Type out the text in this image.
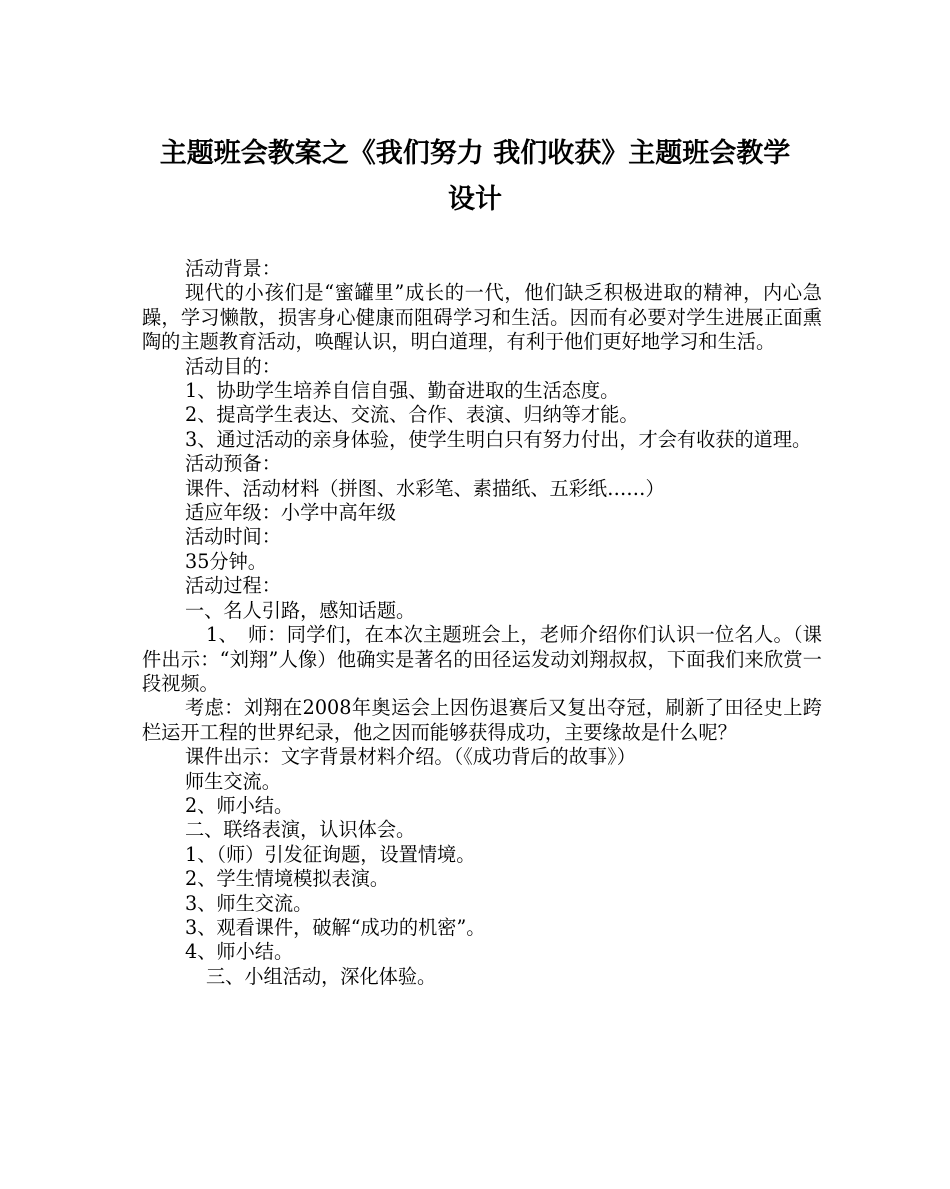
主题班会教案之《我们努力 我们收获》主题班会教学
设计

活动背景：

现代的小孩们是“蜜罐里”成长的一代，他们缺乏积极进取的精神，内心急躁，学习懒散，损害身心健康而阻碍学习和生活。因而有必要对学生进展正面熏陶的主题教育活动，唤醒认识，明白道理，有利于他们更好地学习和生活。

活动目的：

1、协助学生培养自信自强、勤奋进取的生活态度。

2、提高学生表达、交流、合作、表演、归纳等才能。

3、通过活动的亲身体验，使学生明白只有努力付出，才会有收获的道理。

活动预备：

课件、活动材料（拼图、水彩笔、素描纸、五彩纸……）

适应年级：小学中高年级

活动时间：

35分钟。

活动过程：

一、名人引路，感知话题。

1、　师：同学们，在本次主题班会上，老师介绍你们认识一位名人。（课件出示：“刘翔”人像）他确实是著名的田径运发动刘翔叔叔，下面我们来欣赏一段视频。

考虑：刘翔在2008年奥运会上因伤退赛后又复出夺冠，刷新了田径史上跨栏运开工程的世界纪录，他之因而能够获得成功，主要缘故是什么呢？

课件出示：文字背景材料介绍。（《成功背后的故事》）

师生交流。

2、师小结。

二、联络表演，认识体会。

1、（师）引发征询题，设置情境。

2、学生情境模拟表演。

3、师生交流。

3、观看课件，破解“成功的机密”。

4、师小结。

三、小组活动，深化体验。
